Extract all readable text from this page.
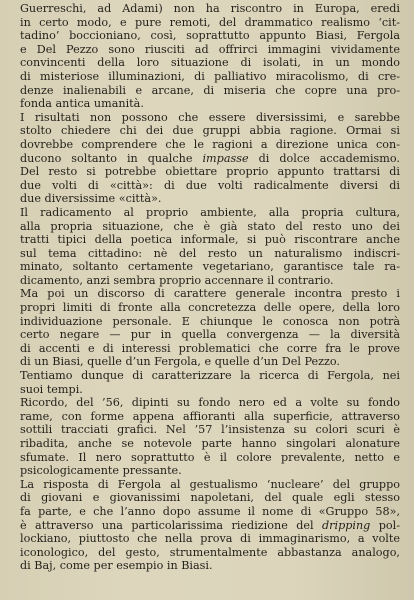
Guerreschi, ad Adami) non ha riscontro in Europa, eredi
in certo modo, e pure remoti, del drammatico realismo ‘cit-
tadino’ boccioniano, così, soprattutto appunto Biasi, Fergola
e Del Pezzo sono riusciti ad offrirci immagini vividamente
convincenti della loro situazione di isolati, in un mondo
di misteriose illuminazioni, di palliativo miracolismo, di cre-
denze inalienabili e arcane, di miseria che copre una pro-
fonda antica umanità.
I risultati non possono che essere diversissimi, e sarebbe
stolto chiedere chi dei due gruppi abbia ragione. Ormai si
dovrebbe comprendere che le ragioni a direzione unica con-
ducono soltanto in qualche impasse di dolce accademismo.
Del resto si potrebbe obiettare proprio appunto trattarsi di
due volti di «città»: di due volti radicalmente diversi di
due diversissime «città».
Il radicamento al proprio ambiente, alla propria cultura,
alla propria situazione, che è già stato del resto uno dei
tratti tipici della poetica informale, si può riscontrare anche
sul tema cittadino: nè del resto un naturalismo indiscri-
minato, soltanto certamente vegetariano, garantisce tale ra-
dicamento, anzi sembra proprio accennare il contrario.
Ma poi un discorso di carattere generale incontra presto i
propri limiti di fronte alla concretezza delle opere, della loro
individuazione personale. E chiunque le conosca non potrà
certo negare — pur in quella convergenza — la diversità
di accenti e di interessi problematici che corre fra le prove
di un Biasi, quelle d’un Fergola, e quelle d’un Del Pezzo.
Tentiamo dunque di caratterizzare la ricerca di Fergola, nei
suoi tempi.
Ricordo, del ’56, dipinti su fondo nero ed a volte su fondo
rame, con forme appena affioranti alla superficie, attraverso
sottili tracciati grafici. Nel ’57 l’insistenza su colori scuri è
ribadita, anche se notevole parte hanno singolari alonature
sfumate. Il nero soprattutto è il colore prevalente, netto e
psicologicamente pressante.
La risposta di Fergola al gestualismo ‘nucleare’ del gruppo
di giovani e giovanissimi napoletani, del quale egli stesso
fa parte, e che l’anno dopo assume il nome di «Gruppo 58»,
è attraverso una particolarissima riedizione del dripping pol-
lockiano, piuttosto che nella prova di immaginarismo, a volte
iconologico, del gesto, strumentalmente abbastanza analogo,
di Baj, come per esempio in Biasi.
